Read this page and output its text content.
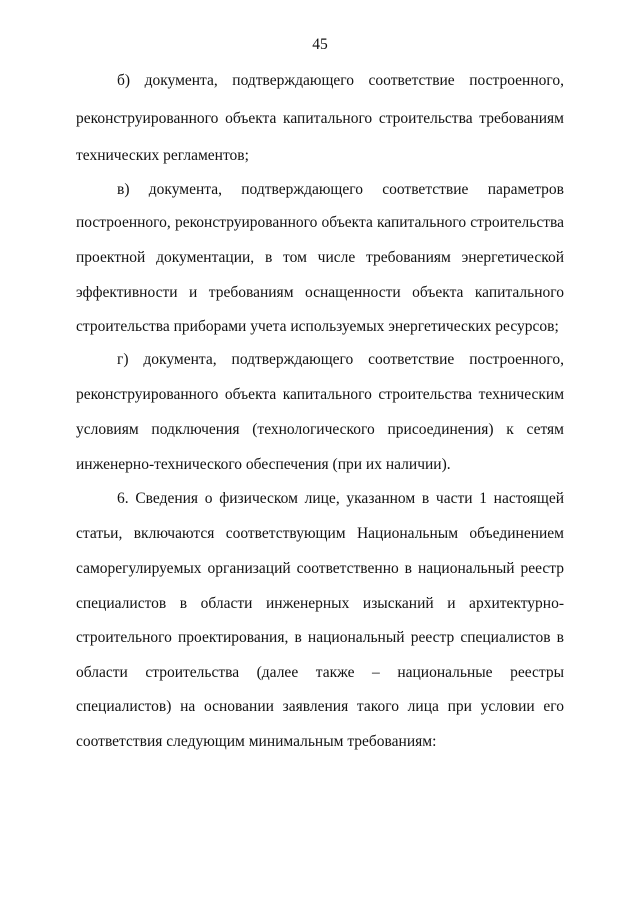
45
б) документа, подтверждающего соответствие построенного,
реконструированного объекта капитального строительства требованиям
технических регламентов;
в) документа, подтверждающего соответствие параметров
построенного, реконструированного объекта капитального строительства
проектной документации, в том числе требованиям энергетической
эффективности и требованиям оснащенности объекта капитального
строительства приборами учета используемых энергетических ресурсов;
г) документа, подтверждающего соответствие построенного,
реконструированного объекта капитального строительства техническим
условиям подключения (технологического присоединения) к сетям
инженерно-технического обеспечения (при их наличии).
6. Сведения о физическом лице, указанном в части 1 настоящей
статьи, включаются соответствующим Национальным объединением
саморегулируемых организаций соответственно в национальный реестр
специалистов в области инженерных изысканий и архитектурно-
строительного проектирования, в национальный реестр специалистов в
области строительства (далее также – национальные реестры
специалистов) на основании заявления такого лица при условии его
соответствия следующим минимальным требованиям:
